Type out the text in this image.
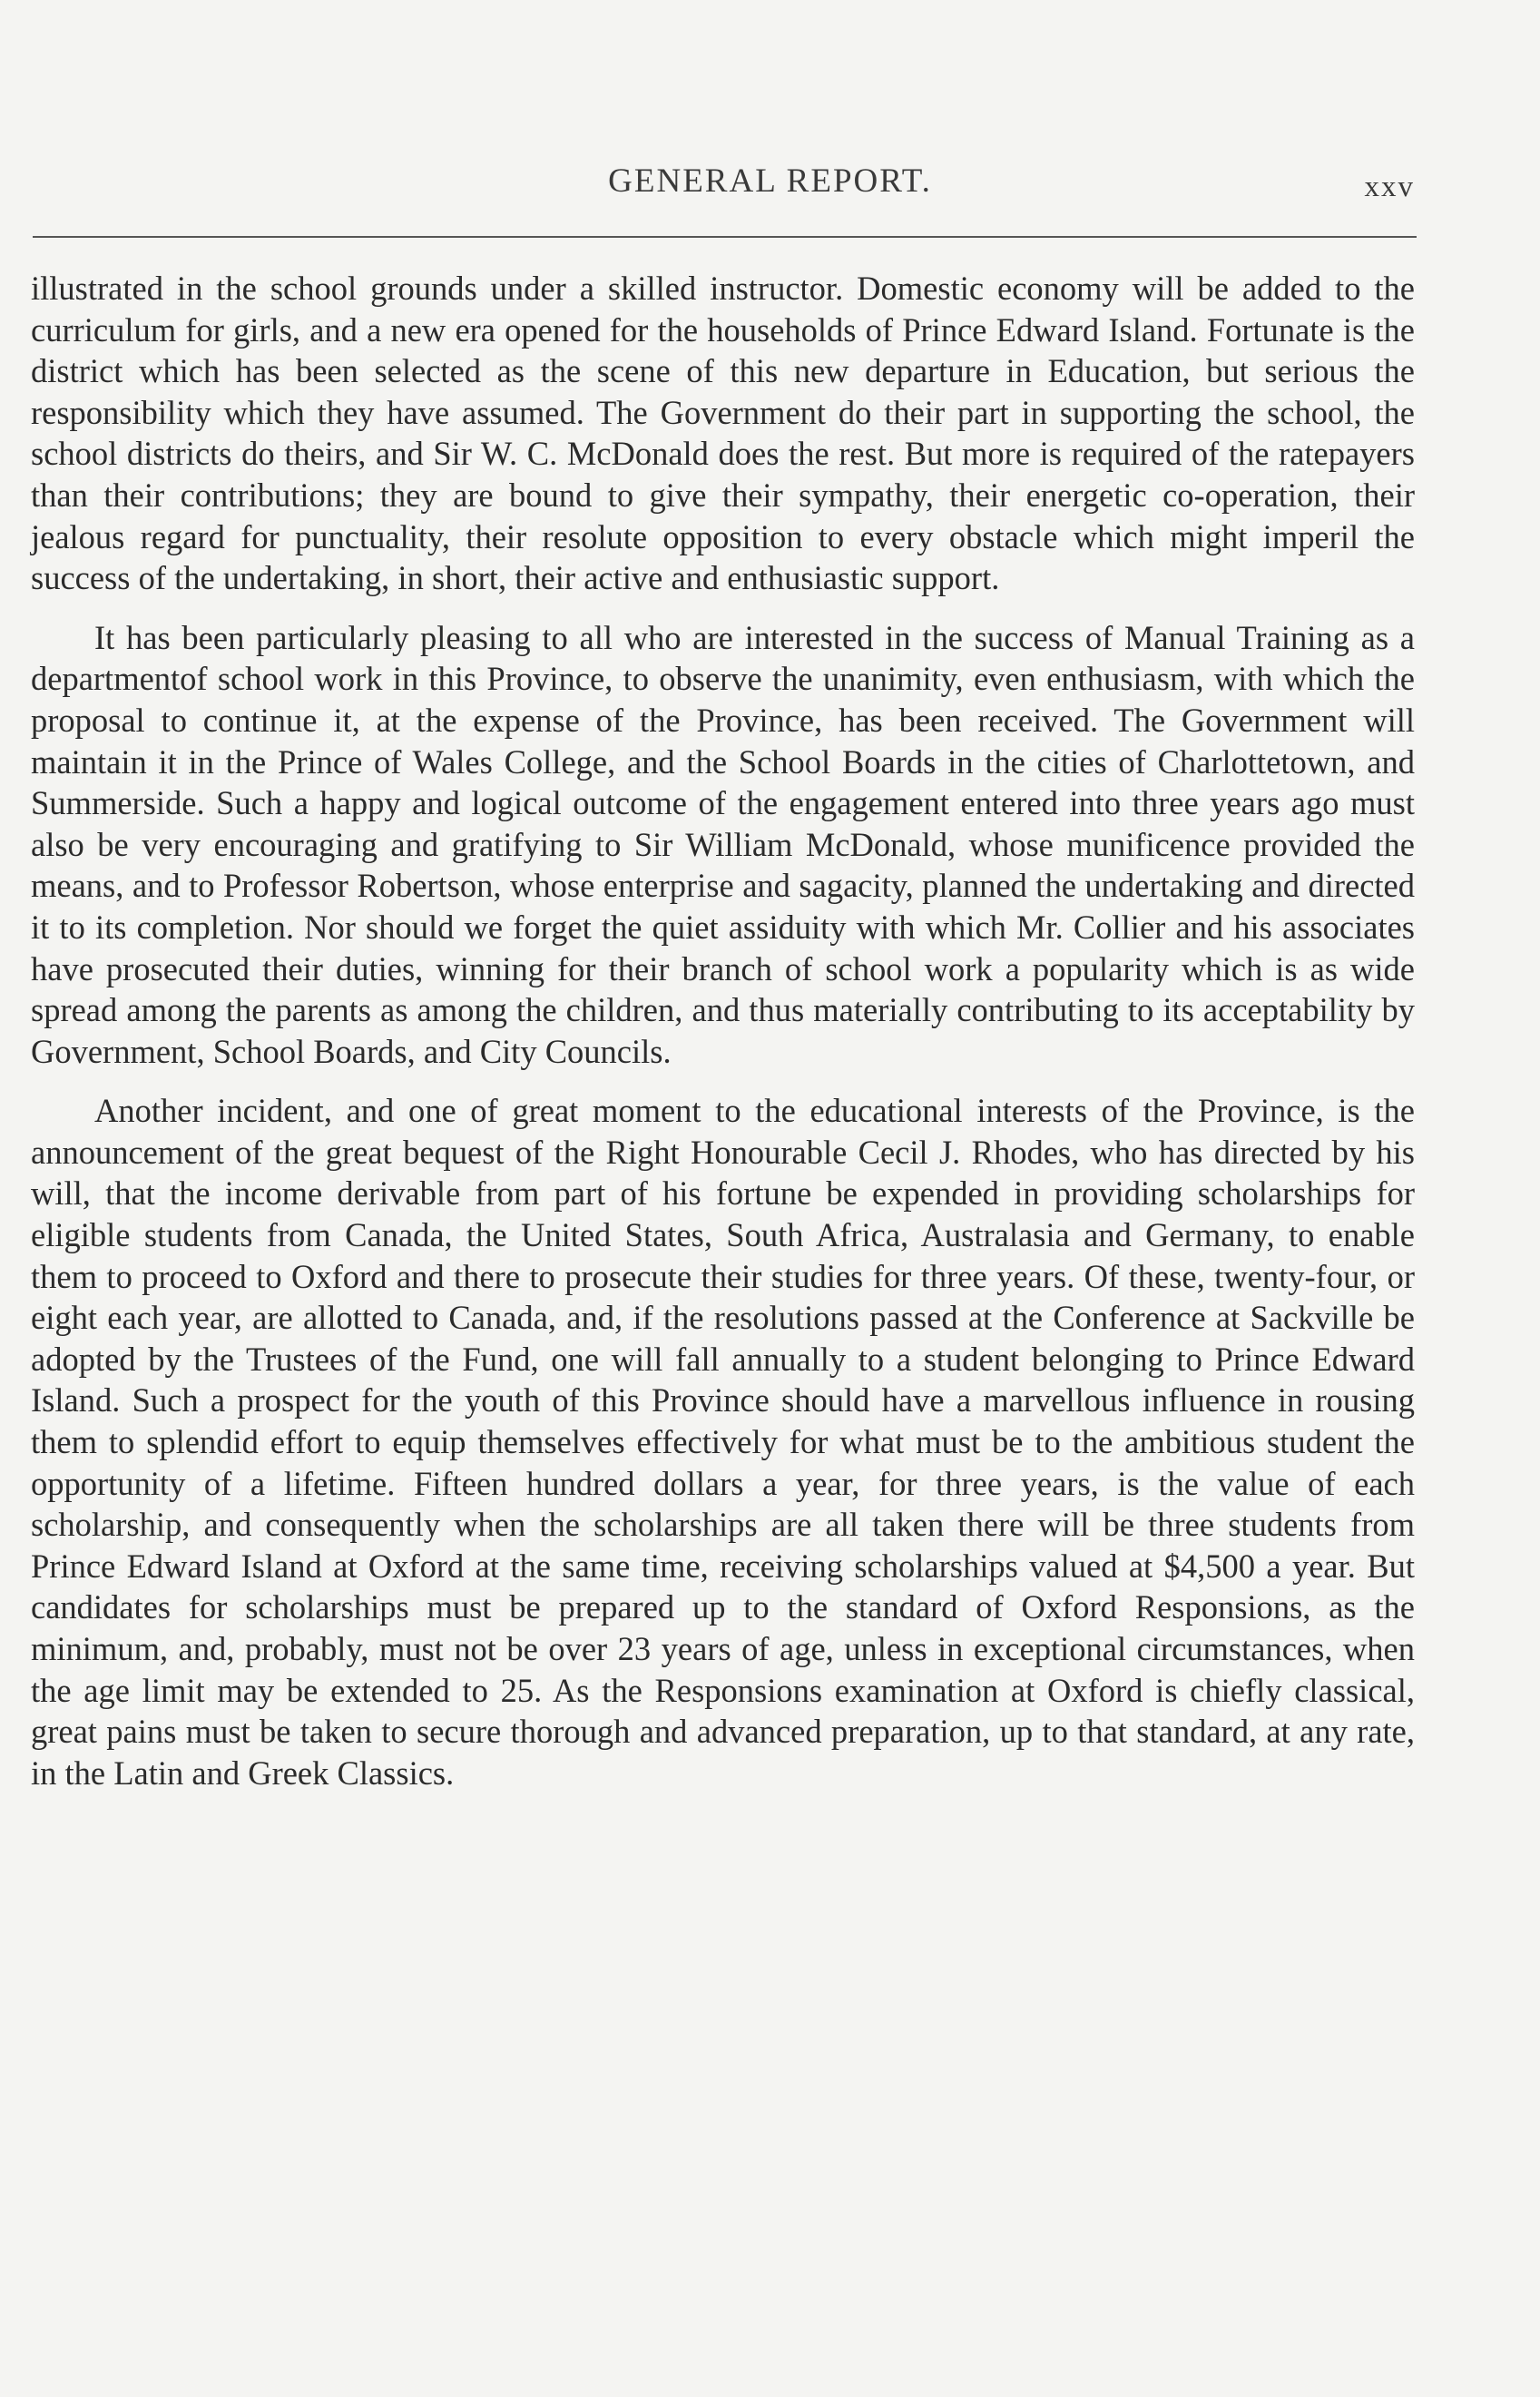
GENERAL REPORT.	xxv

illustrated in the school grounds under a skilled instructor. Domestic economy will be added to the curriculum for girls, and a new era opened for the households of Prince Edward Island. Fortunate is the district which has been selected as the scene of this new departure in Education, but serious the responsibility which they have assumed. The Government do their part in supporting the school, the school districts do theirs, and Sir W. C. McDonald does the rest. But more is required of the ratepayers than their contributions; they are bound to give their sympathy, their energetic co-operation, their jealous regard for punctuality, their resolute opposition to every obstacle which might imperil the success of the undertaking, in short, their active and enthusiastic support.

It has been particularly pleasing to all who are interested in the success of Manual Training as a departmentof school work in this Province, to observe the unanimity, even enthusiasm, with which the proposal to continue it, at the expense of the Province, has been received. The Government will maintain it in the Prince of Wales College, and the School Boards in the cities of Charlottetown, and Summerside. Such a happy and logical outcome of the engagement entered into three years ago must also be very encouraging and gratifying to Sir William McDonald, whose munificence provided the means, and to Professor Robertson, whose enterprise and sagacity, planned the undertaking and directed it to its completion. Nor should we forget the quiet assiduity with which Mr. Collier and his associates have prosecuted their duties, winning for their branch of school work a popularity which is as wide spread among the parents as among the children, and thus materially contributing to its acceptability by Government, School Boards, and City Councils.

Another incident, and one of great moment to the educational interests of the Province, is the announcement of the great bequest of the Right Honourable Cecil J. Rhodes, who has directed by his will, that the income derivable from part of his fortune be expended in providing scholarships for eligible students from Canada, the United States, South Africa, Australasia and Germany, to enable them to proceed to Oxford and there to prosecute their studies for three years. Of these, twenty-four, or eight each year, are allotted to Canada, and, if the resolutions passed at the Conference at Sackville be adopted by the Trustees of the Fund, one will fall annually to a student belonging to Prince Edward Island. Such a prospect for the youth of this Province should have a marvellous influence in rousing them to splendid effort to equip themselves effectively for what must be to the ambitious student the opportunity of a lifetime. Fifteen hundred dollars a year, for three years, is the value of each scholarship, and consequently when the scholarships are all taken there will be three students from Prince Edward Island at Oxford at the same time, receiving scholarships valued at $4,500 a year. But candidates for scholarships must be prepared up to the standard of Oxford Responsions, as the minimum, and, probably, must not be over 23 years of age, unless in exceptional circumstances, when the age limit may be extended to 25. As the Responsions examination at Oxford is chiefly classical, great pains must be taken to secure thorough and advanced preparation, up to that standard, at any rate, in the Latin and Greek Classics.
